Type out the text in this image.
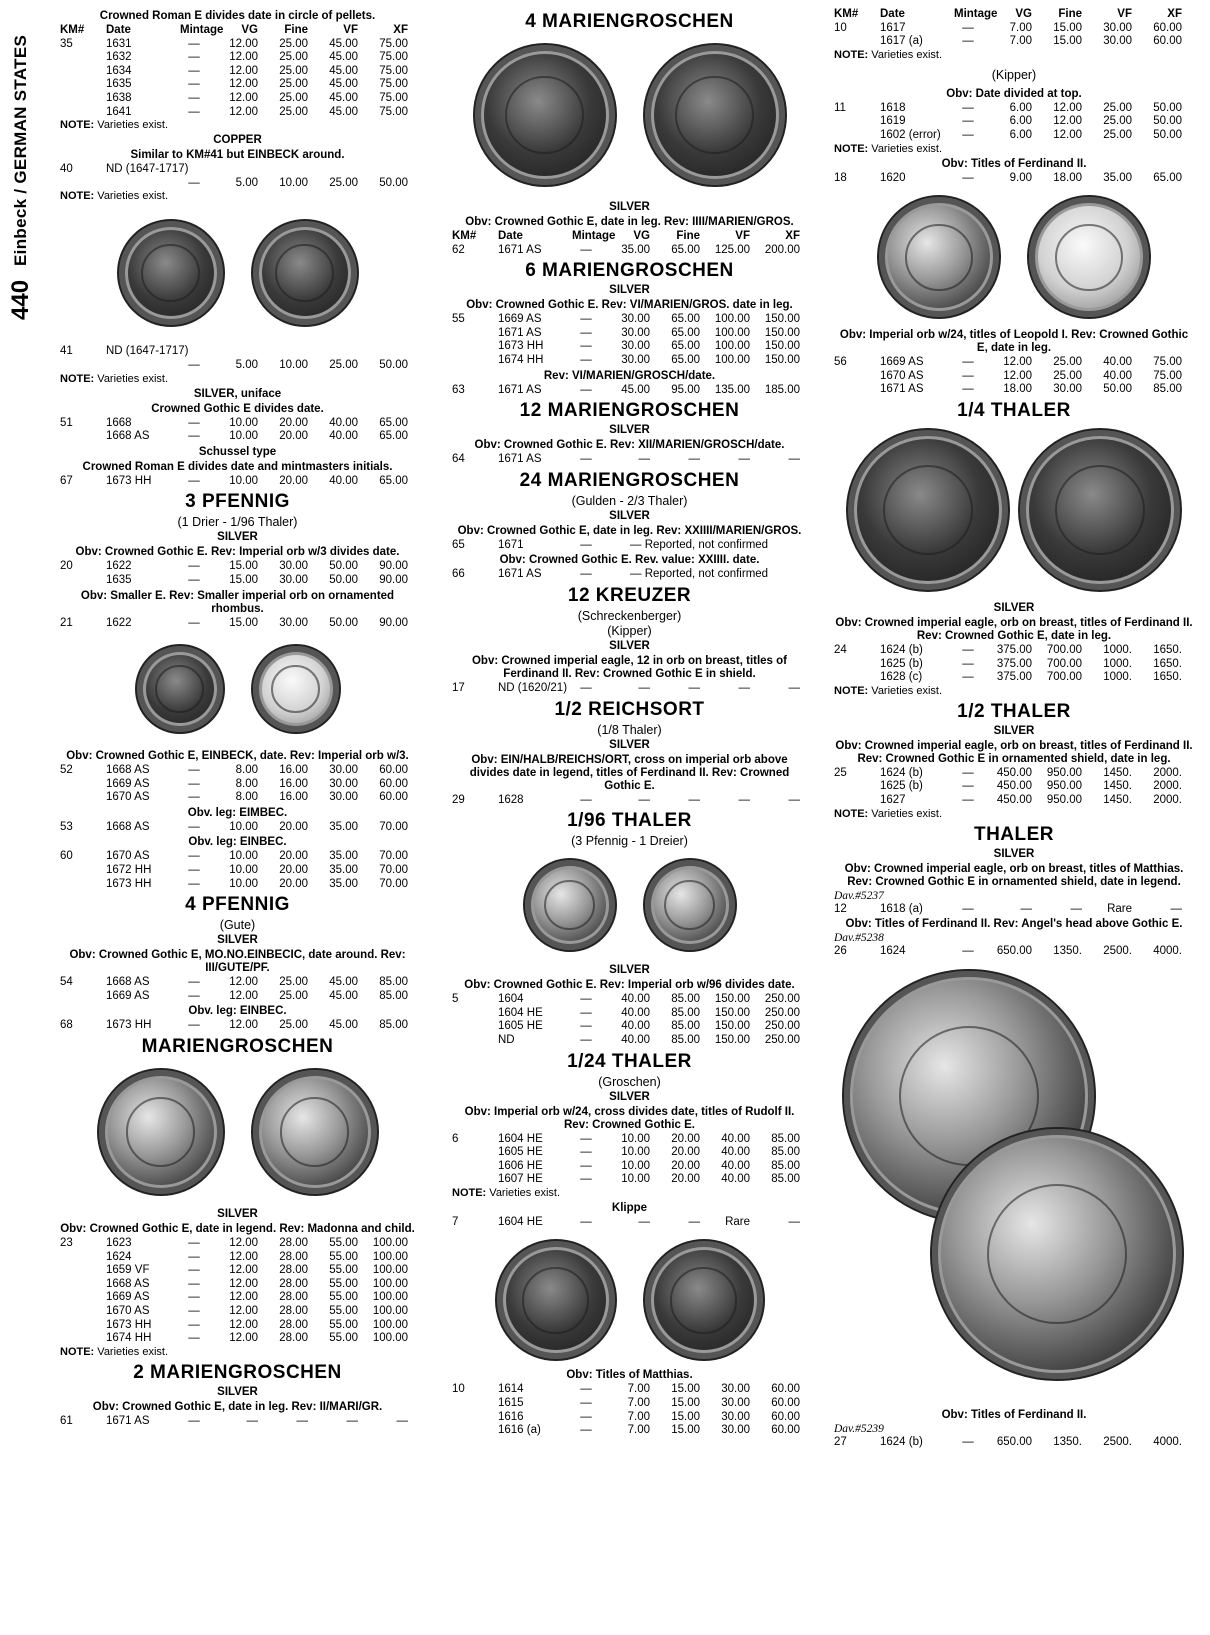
440
Einbeck / GERMAN STATES
Crowned Roman E divides date in circle of pellets.
KM#	Date	Mintage	VG	Fine	VF	XF
35	1631	—	12.00	25.00	45.00	75.00
1632	—	12.00	25.00	45.00	75.00
1634	—	12.00	25.00	45.00	75.00
1635	—	12.00	25.00	45.00	75.00
1638	—	12.00	25.00	45.00	75.00
1641	—	12.00	25.00	45.00	75.00
NOTE: Varieties exist.
COPPER
Similar to KM#41 but EINBECK around.
40	ND (1647-1717)
—	5.00	10.00	25.00	50.00
NOTE: Varieties exist.
41	ND (1647-1717)
—	5.00	10.00	25.00	50.00
NOTE: Varieties exist.
SILVER, uniface
Crowned Gothic E divides date.
51	1668	—	10.00	20.00	40.00	65.00
1668 AS	—	10.00	20.00	40.00	65.00
Schussel type
Crowned Roman E divides date and mintmasters initials.
67	1673 HH	—	10.00	20.00	40.00	65.00
3 PFENNIG
(1 Drier - 1/96 Thaler)
SILVER
Obv: Crowned Gothic E. Rev: Imperial orb w/3 divides date.
20	1622	—	15.00	30.00	50.00	90.00
1635	—	15.00	30.00	50.00	90.00
Obv: Smaller E. Rev: Smaller imperial orb on ornamented rhombus.
21	1622	—	15.00	30.00	50.00	90.00
Obv: Crowned Gothic E, EINBECK, date. Rev: Imperial orb w/3.
52	1668 AS	—	8.00	16.00	30.00	60.00
1669 AS	—	8.00	16.00	30.00	60.00
1670 AS	—	8.00	16.00	30.00	60.00
Obv. leg: EIMBEC.
53	1668 AS	—	10.00	20.00	35.00	70.00
Obv. leg: EINBEC.
60	1670 AS	—	10.00	20.00	35.00	70.00
1672 HH	—	10.00	20.00	35.00	70.00
1673 HH	—	10.00	20.00	35.00	70.00
4 PFENNIG
(Gute)
SILVER
Obv: Crowned Gothic E, MO.NO.EINBECIC, date around. Rev: III/GUTE/PF.
54	1668 AS	—	12.00	25.00	45.00	85.00
1669 AS	—	12.00	25.00	45.00	85.00
Obv. leg: EINBEC.
68	1673 HH	—	12.00	25.00	45.00	85.00
MARIENGROSCHEN
SILVER
Obv: Crowned Gothic E, date in legend. Rev: Madonna and child.
23	1623	—	12.00	28.00	55.00	100.00
1624	—	12.00	28.00	55.00	100.00
1659 VF	—	12.00	28.00	55.00	100.00
1668 AS	—	12.00	28.00	55.00	100.00
1669 AS	—	12.00	28.00	55.00	100.00
1670 AS	—	12.00	28.00	55.00	100.00
1673 HH	—	12.00	28.00	55.00	100.00
1674 HH	—	12.00	28.00	55.00	100.00
NOTE: Varieties exist.
2 MARIENGROSCHEN
SILVER
Obv: Crowned Gothic E, date in leg. Rev: II/MARI/GR.
61	1671 AS	—	—	—	—	—
4 MARIENGROSCHEN
SILVER
Obv: Crowned Gothic E, date in leg. Rev: IIII/MARIEN/GROS.
KM#	Date	Mintage	VG	Fine	VF	XF
62	1671 AS	—	35.00	65.00	125.00	200.00
6 MARIENGROSCHEN
SILVER
Obv: Crowned Gothic E. Rev: VI/MARIEN/GROS. date in leg.
55	1669 AS	—	30.00	65.00	100.00	150.00
1671 AS	—	30.00	65.00	100.00	150.00
1673 HH	—	30.00	65.00	100.00	150.00
1674 HH	—	30.00	65.00	100.00	150.00
Rev: VI/MARIEN/GROSCH/date.
63	1671 AS	—	45.00	95.00	135.00	185.00
12 MARIENGROSCHEN
SILVER
Obv: Crowned Gothic E. Rev: XII/MARIEN/GROSCH/date.
64	1671 AS	—	—	—	—	—
24 MARIENGROSCHEN
(Gulden - 2/3 Thaler)
SILVER
Obv: Crowned Gothic E, date in leg. Rev: XXIIII/MARIEN/GROS.
65	1671	—	— Reported, not confirmed
Obv: Crowned Gothic E. Rev. value: XXIIII. date.
66	1671 AS	—	— Reported, not confirmed
12 KREUZER
(Schreckenberger)
(Kipper)
SILVER
Obv: Crowned imperial eagle, 12 in orb on breast, titles of Ferdinand II. Rev: Crowned Gothic E in shield.
17	ND (1620/21)	—	—	—	—	—
1/2 REICHSORT
(1/8 Thaler)
SILVER
Obv: EIN/HALB/REICHS/ORT, cross on imperial orb above divides date in legend, titles of Ferdinand II. Rev: Crowned Gothic E.
29	1628	—	—	—	—	—
1/96 THALER
(3 Pfennig - 1 Dreier)
SILVER
Obv: Crowned Gothic E. Rev: Imperial orb w/96 divides date.
5	1604	—	40.00	85.00	150.00	250.00
1604 HE	—	40.00	85.00	150.00	250.00
1605 HE	—	40.00	85.00	150.00	250.00
ND	—	40.00	85.00	150.00	250.00
1/24 THALER
(Groschen)
SILVER
Obv: Imperial orb w/24, cross divides date, titles of Rudolf II. Rev: Crowned Gothic E.
6	1604 HE	—	10.00	20.00	40.00	85.00
1605 HE	—	10.00	20.00	40.00	85.00
1606 HE	—	10.00	20.00	40.00	85.00
1607 HE	—	10.00	20.00	40.00	85.00
NOTE: Varieties exist.
Klippe
7	1604 HE	—	—	—	Rare	—
Obv: Titles of Matthias.
10	1614	—	7.00	15.00	30.00	60.00
1615	—	7.00	15.00	30.00	60.00
1616	—	7.00	15.00	30.00	60.00
1616 (a)	—	7.00	15.00	30.00	60.00
KM#	Date	Mintage	VG	Fine	VF	XF
10	1617	—	7.00	15.00	30.00	60.00
1617 (a)	—	7.00	15.00	30.00	60.00
NOTE: Varieties exist.
(Kipper)
Obv: Date divided at top.
11	1618	—	6.00	12.00	25.00	50.00
1619	—	6.00	12.00	25.00	50.00
1602 (error)	—	6.00	12.00	25.00	50.00
NOTE: Varieties exist.
Obv: Titles of Ferdinand II.
18	1620	—	9.00	18.00	35.00	65.00
Obv: Imperial orb w/24, titles of Leopold I. Rev: Crowned Gothic E, date in leg.
56	1669 AS	—	12.00	25.00	40.00	75.00
1670 AS	—	12.00	25.00	40.00	75.00
1671 AS	—	18.00	30.00	50.00	85.00
1/4 THALER
SILVER
Obv: Crowned imperial eagle, orb on breast, titles of Ferdinand II. Rev: Crowned Gothic E, date in leg.
24	1624 (b)	—	375.00	700.00	1000.	1650.
1625 (b)	—	375.00	700.00	1000.	1650.
1628 (c)	—	375.00	700.00	1000.	1650.
NOTE: Varieties exist.
1/2 THALER
SILVER
Obv: Crowned imperial eagle, orb on breast, titles of Ferdinand II. Rev: Crowned Gothic E in ornamented shield, date in leg.
25	1624 (b)	—	450.00	950.00	1450.	2000.
1625 (b)	—	450.00	950.00	1450.	2000.
1627	—	450.00	950.00	1450.	2000.
NOTE: Varieties exist.
THALER
SILVER
Obv: Crowned imperial eagle, orb on breast, titles of Matthias. Rev: Crowned Gothic E in ornamented shield, date in legend.
Dav.#5237
12	1618 (a)	—	—	—	Rare	—
Obv: Titles of Ferdinand II. Rev: Angel's head above Gothic E.
Dav.#5238
26	1624	—	650.00	1350.	2500.	4000.
Obv: Titles of Ferdinand II.
Dav.#5239
27	1624 (b)	—	650.00	1350.	2500.	4000.
